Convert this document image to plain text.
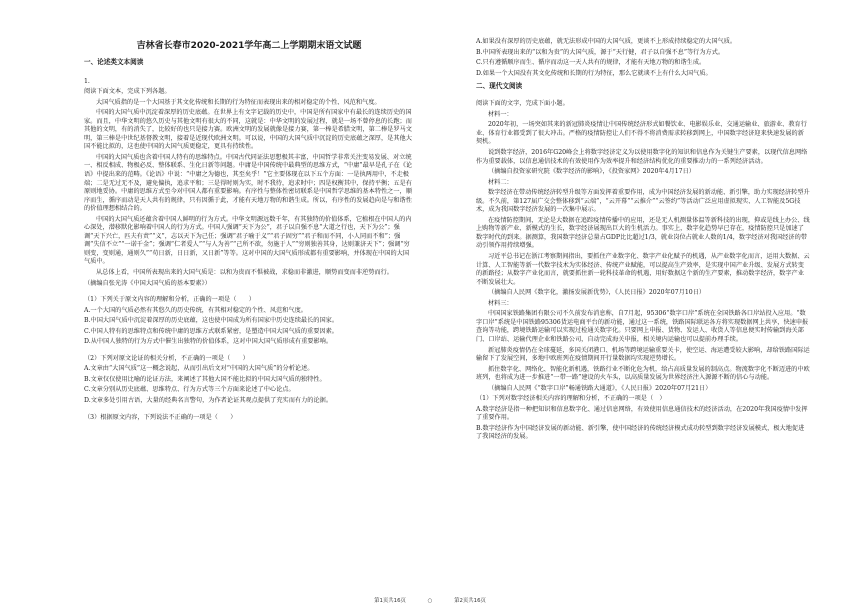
吉林省长春市2020-2021学年高二上学期期末语文试题
一、论述类文本阅读

1.

阅读下面文本，完成下列各题。

大国气质指的是一个大国基于其文化传统和长期的行为特征而表现出来的相对稳定的个性、风范和气度。

中国的大国气质中沉淀着深厚的历史底蕴。在世界上有文字记载的历史中，中国是所有国家中有最长的连续历史的国家。而且，中华文明的悠久历史与其他文明有很大的不同，这就是：中华文明的发展过程，就是一场不曾停息的长跑；而其他的文明，有的消失了，比较好的也只是接力赛。欧洲文明的发展就像是接力赛，第一棒是希腊文明，第二棒是罗马文明，第三棒是中世纪基督教文明，接着是近现代欧洲文明。可以说，中国的大国气质中沉淀的历史底蕴之深厚，是其他大国不能比拟的，这也使中国的大国气质更稳定，更具有持续性。

中国的大国气质也含着中国人特有的思维特点。中国古代同证法思想极其丰富，中国哲学非常关注变易发展、对立统一、相反相成、物极必反、整体联系、生化日新等问题。中庸是中国传统中最典型的思维方式，“中庸”最早是孔子在《论语》中提出来的范畴。《论语》中说：“中庸之为德也，其至矣乎！”它主要体现在以下五个方面：一是执两用中，不走极端；二是无过无不及，避免偏执，追求平和；三是得时则为实，时不我待，追求时中；四是权衡其中，保持平衡；五是有原则地妥协。中庸的思维方式至今对中国人都有重要影响。有序性与整体性密切联系是中国哲学思维的基本特性之一，顺序而生，循序而动是天人共有的规律，只有因循于此，才能有天地万物的和谐生成。所以，有序性的发展趋向是与和谐性的价值理想相结合的。

中国的大国气质还蕴含着中国人鲜明的行为方式。中华文明源远数千年，有其独特的价值体系，它植根在中国人的内心深处，潜移默化影响着中国人的行为方式。中国人强调“天下为公”，君子以自强不息“大道之行也，天下为公”；强调“天下兴亡，匹夫有责”“义”，志以天下为己任；强调“君子喻于义”“君子固穷”“君子和而不同，小人同而不和”；强调“失信不立”“一诺千金”；强调“仁者爱人”“与人为善”“己所不欲，勿施于人”“穷则独善其身，达则兼济天下”；强调“穷则变，变则通，通则久”“苟日新，日日新，又日新”等等。这对中国的大国气质形成都有重要影响，并体现在中国的大国气质中。

从总体上看，中国所表现出来的大国气质是：以和为贵而不惧被战，求稳而非激进，顺势而变而非逆势而行。

（摘编自张光涛《中国大国气质的基本要素》）

（1）下列关于原文内容的理解和分析，正确的一项是（　　）

A.一个大国的气质必然有其悠久的历史传统，有其相对稳定的个性、风范和气度。

B.中国大国气质中沉淀着深厚的历史底蕴，这也使中国成为所有国家中历史连续最长的国家。

C.中国人特有的思维特点和传统中庸的思维方式联系紧密，是塑造中国大国气质的重要因素。

D.从中国人独特的行为方式中催生出独特的价值体系，这对中国大国气质形成有重要影响。

（2）下列对原文论证的相关分析，不正确的一项是（　　）

A.文章由“大国气质”这一概念说起，从而引出后文对“中国的大国气质”的分析论述。

B.文章仅仅使用比喻的论证方法，来阐述了其他大国不能比拟的中国大国气质的独特性。

C.文章分别从历史底蕴、思维特点、行为方式等三个方面来论述了中心论点。

D.文章多处引用古语，大量的经典名言警句，为作者论证其观点提供了充实而有力的论据。

（3）根据原文内容，下列说法不正确的一项是（　　）

A.如果没有深厚的历史底蕴，就无法形成中国的大国气质，更谈不上形成持续稳定的大国气质。

B.中国所表现出来的“以和为贵”的大国气质，源于“天行健，君子以自强不息”等行为方式。

C.只有遵循顺序而生、循序而动这一天人共有的规律，才能有天地万物的和谐生成。

D.如果一个大国没有其文化传统和长期的行为特征，那么它就谈不上有什么大国气质。

二、现代文阅读

阅读下面的文字，完成下面小题。

材料一：

2020年初，一场突如其来的新冠肺炎疫情让中国传统经济形式如餐饮业、电影娱乐业、交通运输业、旅游业、教育行业、体育行业都受到了很大冲击。严格的疫情防控让人们不得不将消费需求转移到网上，中国数字经济迎来快速发展的新契机。

说到数字经济，2016年G20峰会上将数字经济定义为以使用数字化的知识和信息作为关键生产要素，以现代信息网络作为重要载体，以信息通信技术的有效使用作为效率提升和经济结构优化的重要推动力的一系列经济活动。

（摘编自投资家研究院《数字经济的影响》，《投资家网》2020年4月17日）

材料二：

数字经济在带动传统经济转型升级等方面发挥着重要作用，成为中国经济发展的新动能、新引擎，助力实现经济转型升级。不久前，第127届广交会整体移到“云端”，“云开幕”“云推介”“云签约”等活动广泛应用虚拟现实、人工智能及5G技术，成为我国数字经济发展的一次集中展示。

在疫情防控期间，无论是大数据在追踪疫情传播中的应用，还是无人机测量体温等新科技的出现，抑或是线上办公、线上购物等新产业、新模式的生长，数字经济展现出巨大的生机活力。事实上，数字化趋势早已存在，疫情防控只是加速了数字时代的到来。据测算，我国数字经济总量占GDP比比超过1/3，就业岗位占就业人数的1/4，数字经济对我国经济的带动引领作用持续增强。

习近平总书记在浙江考察期间指出，要抓住产业数字化、数字产业化赋予的机遇，从产业数字化而言，运用大数据、云计算、人工智能等新一代数字技术为实体经济、传统产业赋能，可以提高生产效率，是实现中国产业升级、发展方式转变的新路径；从数字产业化而言，就要抓住新一轮科技革命的机遇，用好数据这个新的生产要素，推动数字经济，数字产业不断发展壮大。

（摘编自人民网《数字化，激扬发展新优势》，《人民日报》2020年07月10日）

材料三：

中国国家铁路集团有限公司不久前发布消息称，自7月起，95306“数字口岸”系统在全国铁路各口岸站投入应用。“数字口岸”系统是中国铁路95306货运电商平台的新功能，通过这一系统，铁路国际联运各方将实现数据网上共享，快速申报查询等功能，跨境铁路运输可以实现过检通关数字化。只要网上申报、货物、发运人、收货人等信息便实时传输到海关部门、口岸站、运输代理企业和铁路公司，自动完成海关申报，相关境内运输也可以提前办理手续。

新冠肺炎疫情仍在全球蔓延，多国关闭港口、机场等跨境运输重要关卡，使空运、海运遭受较大影响，却给铁路国际运输留下了发展空间，多地中欧班列在疫情期间开行量数据均实现逆势增长。

抓住数字化、网络化、智能化新机遇，铁路行业不断化危为机，给占高质量发展的制高点。物流数字化不断迈进的中欧班列，也将成为进一步推进“一带一路”建设的火车头，以高质量发展为世界经济注入源源不断的信心与动能。

（摘编自人民网《“数字口岸”畅通铁路大通道》，《人民日报》2020年07月21日）

（1）下列对数字经济相关内容的理解和分析，不正确的一项是（　）

A.数字经济是指一种把知识和信息数字化、通过信息网络，有效使用信息通信技术的经济活动，在2020年我国疫情中发挥了重要作用。

B.数字经济作为中国经济发展的新动能、新引擎，使中国经济的传统经济模式成功转型到数字经济发展模式，极大地促进了我国经济的发展。

第1页共16页	○	第2页共16页
